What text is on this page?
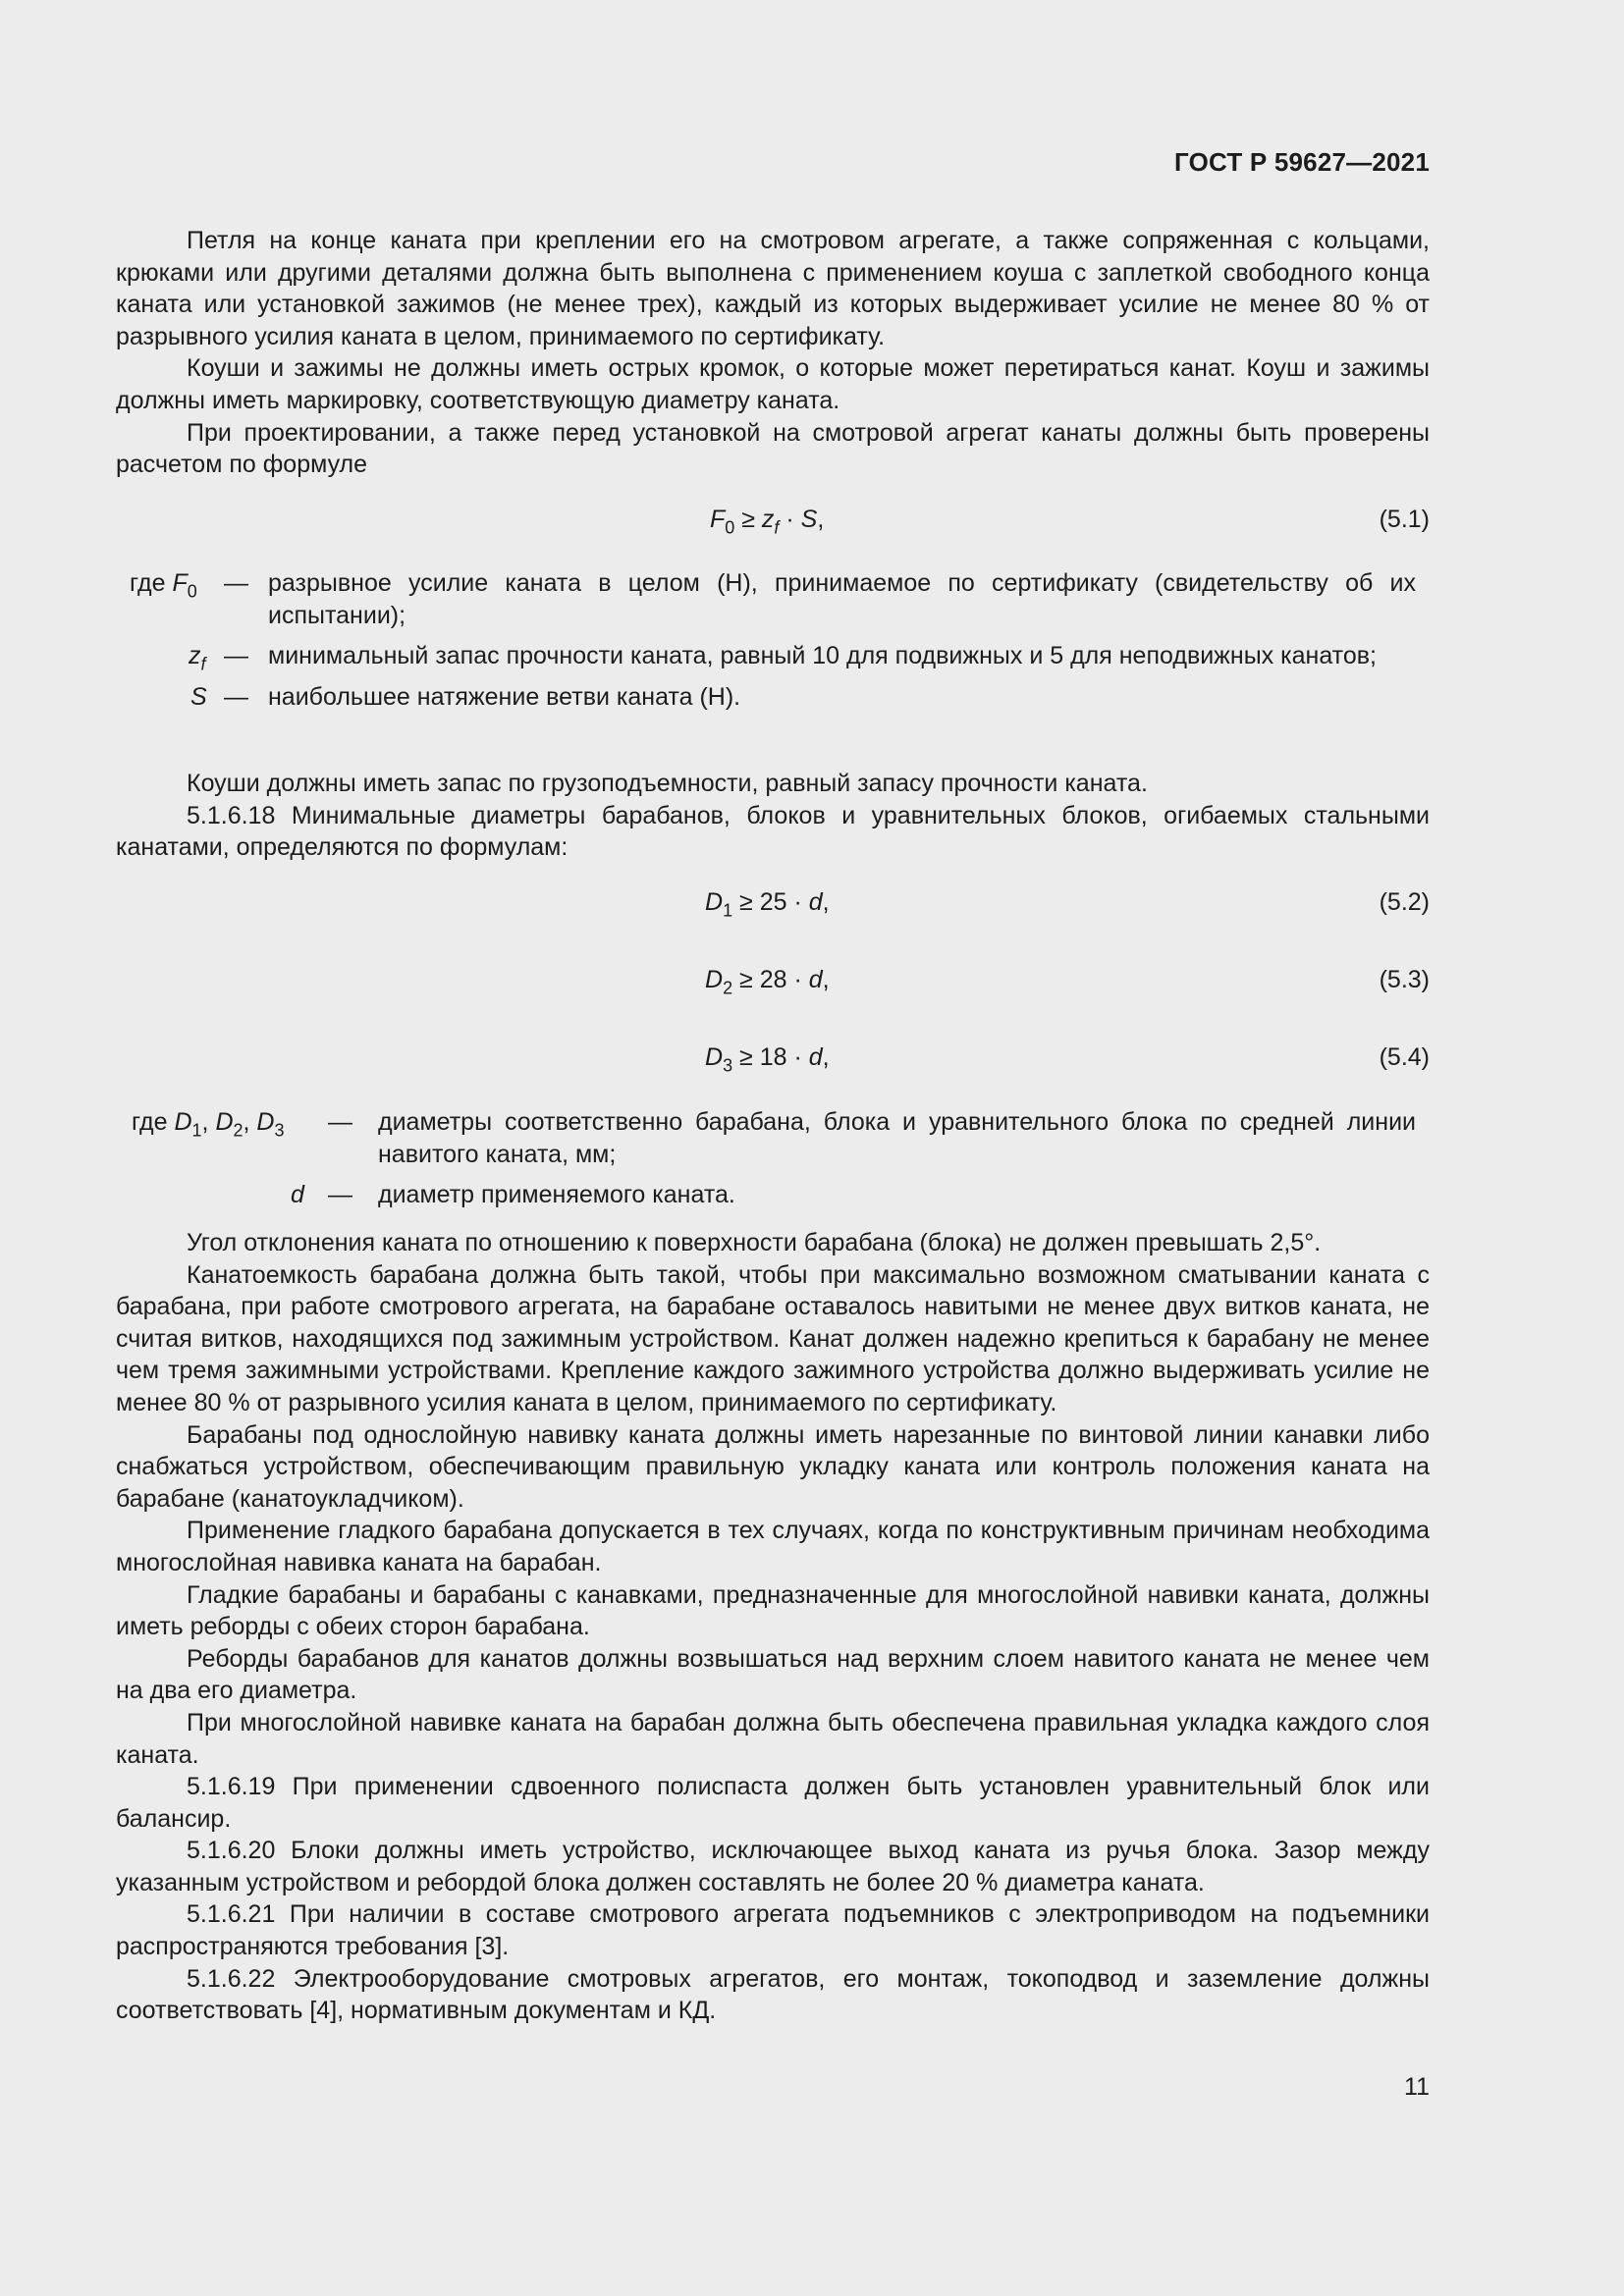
ГОСТ Р 59627—2021

Петля на конце каната при креплении его на смотровом агрегате, а также сопряженная с кольцами, крюками или другими деталями должна быть выполнена с применением коуша с заплеткой свободного конца каната или установкой зажимов (не менее трех), каждый из которых выдерживает усилие не менее 80 % от разрывного усилия каната в целом, принимаемого по сертификату.

Коуши и зажимы не должны иметь острых кромок, о которые может перетираться канат. Коуш и зажимы должны иметь маркировку, соответствующую диаметру каната.

При проектировании, а также перед установкой на смотровой агрегат канаты должны быть проверены расчетом по формуле

$F_0 \ge z_f \cdot S$,	(5.1)
где $F_0$ — разрывное усилие каната в целом (Н), принимаемое по сертификату (свидетельству об их испытании);
$z_f$ — минимальный запас прочности каната, равный 10 для подвижных и 5 для неподвижных канатов;
S — наибольшее натяжение ветви каната (Н).

Коуши должны иметь запас по грузоподъемности, равный запасу прочности каната.

5.1.6.18 Минимальные диаметры барабанов, блоков и уравнительных блоков, огибаемых стальными канатами, определяются по формулам:

$D_1 \ge 25 \cdot d$,	(5.2)
$D_2 \ge 28 \cdot d$,	(5.3)
$D_3 \ge 18 \cdot d$,	(5.4)
где $D_1$, $D_2$, $D_3$ — диаметры соответственно барабана, блока и уравнительного блока по средней линии навитого каната, мм;
d — диаметр применяемого каната.

Угол отклонения каната по отношению к поверхности барабана (блока) не должен превышать 2,5°.

Канатоемкость барабана должна быть такой, чтобы при максимально возможном сматывании каната с барабана, при работе смотрового агрегата, на барабане оставалось навитыми не менее двух витков каната, не считая витков, находящихся под зажимным устройством. Канат должен надежно крепиться к барабану не менее чем тремя зажимными устройствами. Крепление каждого зажимного устройства должно выдерживать усилие не менее 80 % от разрывного усилия каната в целом, принимаемого по сертификату.

Барабаны под однослойную навивку каната должны иметь нарезанные по винтовой линии канавки либо снабжаться устройством, обеспечивающим правильную укладку каната или контроль положения каната на барабане (канатоукладчиком).

Применение гладкого барабана допускается в тех случаях, когда по конструктивным причинам необходима многослойная навивка каната на барабан.

Гладкие барабаны и барабаны с канавками, предназначенные для многослойной навивки каната, должны иметь реборды с обеих сторон барабана.

Реборды барабанов для канатов должны возвышаться над верхним слоем навитого каната не менее чем на два его диаметра.

При многослойной навивке каната на барабан должна быть обеспечена правильная укладка каждого слоя каната.

5.1.6.19 При применении сдвоенного полиспаста должен быть установлен уравнительный блок или балансир.

5.1.6.20 Блоки должны иметь устройство, исключающее выход каната из ручья блока. Зазор между указанным устройством и ребордой блока должен составлять не более 20 % диаметра каната.

5.1.6.21 При наличии в составе смотрового агрегата подъемников с электроприводом на подъемники распространяются требования [3].

5.1.6.22 Электрооборудование смотровых агрегатов, его монтаж, токоподвод и заземление должны соответствовать [4], нормативным документам и КД.

11
